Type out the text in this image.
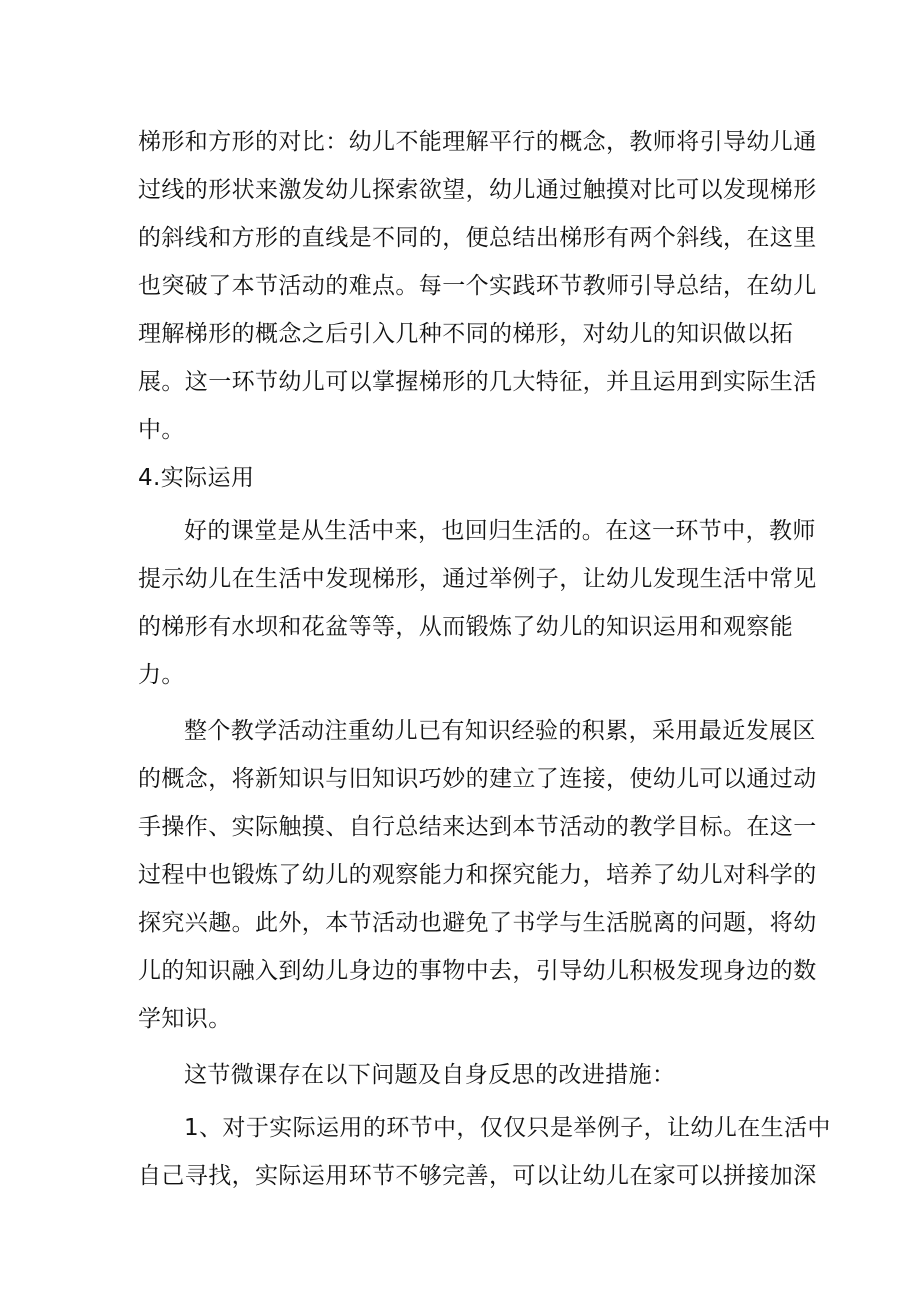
梯形和方形的对比：幼儿不能理解平行的概念，教师将引导幼儿通
过线的形状来激发幼儿探索欲望，幼儿通过触摸对比可以发现梯形
的斜线和方形的直线是不同的，便总结出梯形有两个斜线，在这里
也突破了本节活动的难点。每一个实践环节教师引导总结，在幼儿
理解梯形的概念之后引入几种不同的梯形，对幼儿的知识做以拓
展。这一环节幼儿可以掌握梯形的几大特征，并且运用到实际生活
中。

4.实际运用

好的课堂是从生活中来，也回归生活的。在这一环节中，教师
提示幼儿在生活中发现梯形，通过举例子，让幼儿发现生活中常见
的梯形有水坝和花盆等等，从而锻炼了幼儿的知识运用和观察能
力。

整个教学活动注重幼儿已有知识经验的积累，采用最近发展区
的概念，将新知识与旧知识巧妙的建立了连接，使幼儿可以通过动
手操作、实际触摸、自行总结来达到本节活动的教学目标。在这一
过程中也锻炼了幼儿的观察能力和探究能力，培养了幼儿对科学的
探究兴趣。此外，本节活动也避免了书学与生活脱离的问题，将幼
儿的知识融入到幼儿身边的事物中去，引导幼儿积极发现身边的数
学知识。

这节微课存在以下问题及自身反思的改进措施：

1、对于实际运用的环节中，仅仅只是举例子，让幼儿在生活中
自己寻找，实际运用环节不够完善，可以让幼儿在家可以拼接加深
